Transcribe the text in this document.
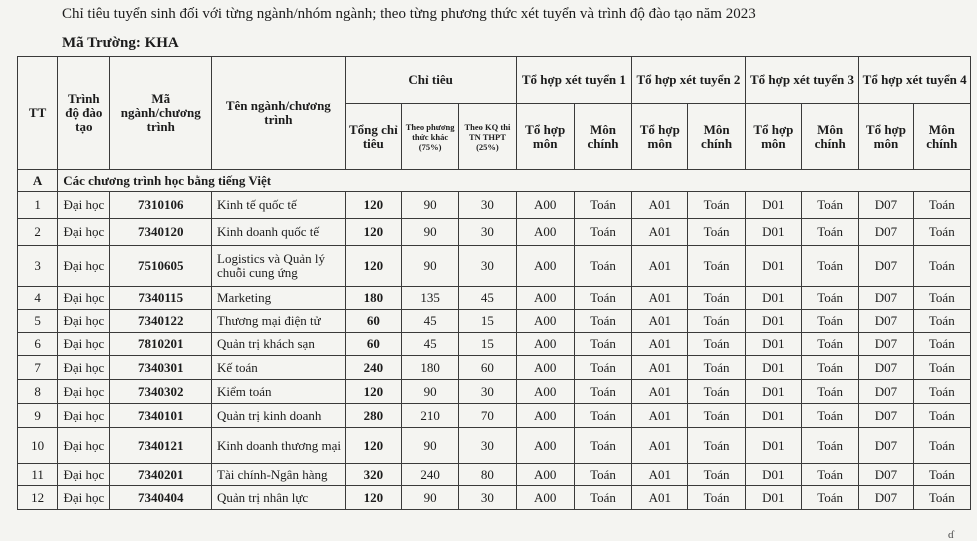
Chỉ tiêu tuyển sinh đối với từng ngành/nhóm ngành; theo từng phương thức xét tuyển và trình độ đào tạo năm 2023
Mã Trường: KHA
TT	Trình độ đào tạo	Mã ngành/chương trình	Tên ngành/chương trình	Chỉ tiêu			Tổ hợp xét tuyển 1		Tổ hợp xét tuyển 2		Tổ hợp xét tuyển 3		Tổ hợp xét tuyển 4	
				Tổng chỉ tiêu	Theo phương thức khác (75%)	Theo KQ thi TN THPT (25%)	Tổ hợp môn	Môn chính	Tổ hợp môn	Môn chính	Tổ hợp môn	Môn chính	Tổ hợp môn	Môn chính
A	Các chương trình học bằng tiếng Việt													
1	Đại học	7310106	Kinh tế quốc tế	120	90	30	A00	Toán	A01	Toán	D01	Toán	D07	Toán
2	Đại học	7340120	Kinh doanh quốc tế	120	90	30	A00	Toán	A01	Toán	D01	Toán	D07	Toán
3	Đại học	7510605	Logistics và Quản lý chuỗi cung ứng	120	90	30	A00	Toán	A01	Toán	D01	Toán	D07	Toán
4	Đại học	7340115	Marketing	180	135	45	A00	Toán	A01	Toán	D01	Toán	D07	Toán
5	Đại học	7340122	Thương mại điện tử	60	45	15	A00	Toán	A01	Toán	D01	Toán	D07	Toán
6	Đại học	7810201	Quản trị khách sạn	60	45	15	A00	Toán	A01	Toán	D01	Toán	D07	Toán
7	Đại học	7340301	Kế toán	240	180	60	A00	Toán	A01	Toán	D01	Toán	D07	Toán
8	Đại học	7340302	Kiểm toán	120	90	30	A00	Toán	A01	Toán	D01	Toán	D07	Toán
9	Đại học	7340101	Quản trị kinh doanh	280	210	70	A00	Toán	A01	Toán	D01	Toán	D07	Toán
10	Đại học	7340121	Kinh doanh thương mại	120	90	30	A00	Toán	A01	Toán	D01	Toán	D07	Toán
11	Đại học	7340201	Tài chính-Ngân hàng	320	240	80	A00	Toán	A01	Toán	D01	Toán	D07	Toán
12	Đại học	7340404	Quản trị nhân lực	120	90	30	A00	Toán	A01	Toán	D01	Toán	D07	Toán
ɗ
